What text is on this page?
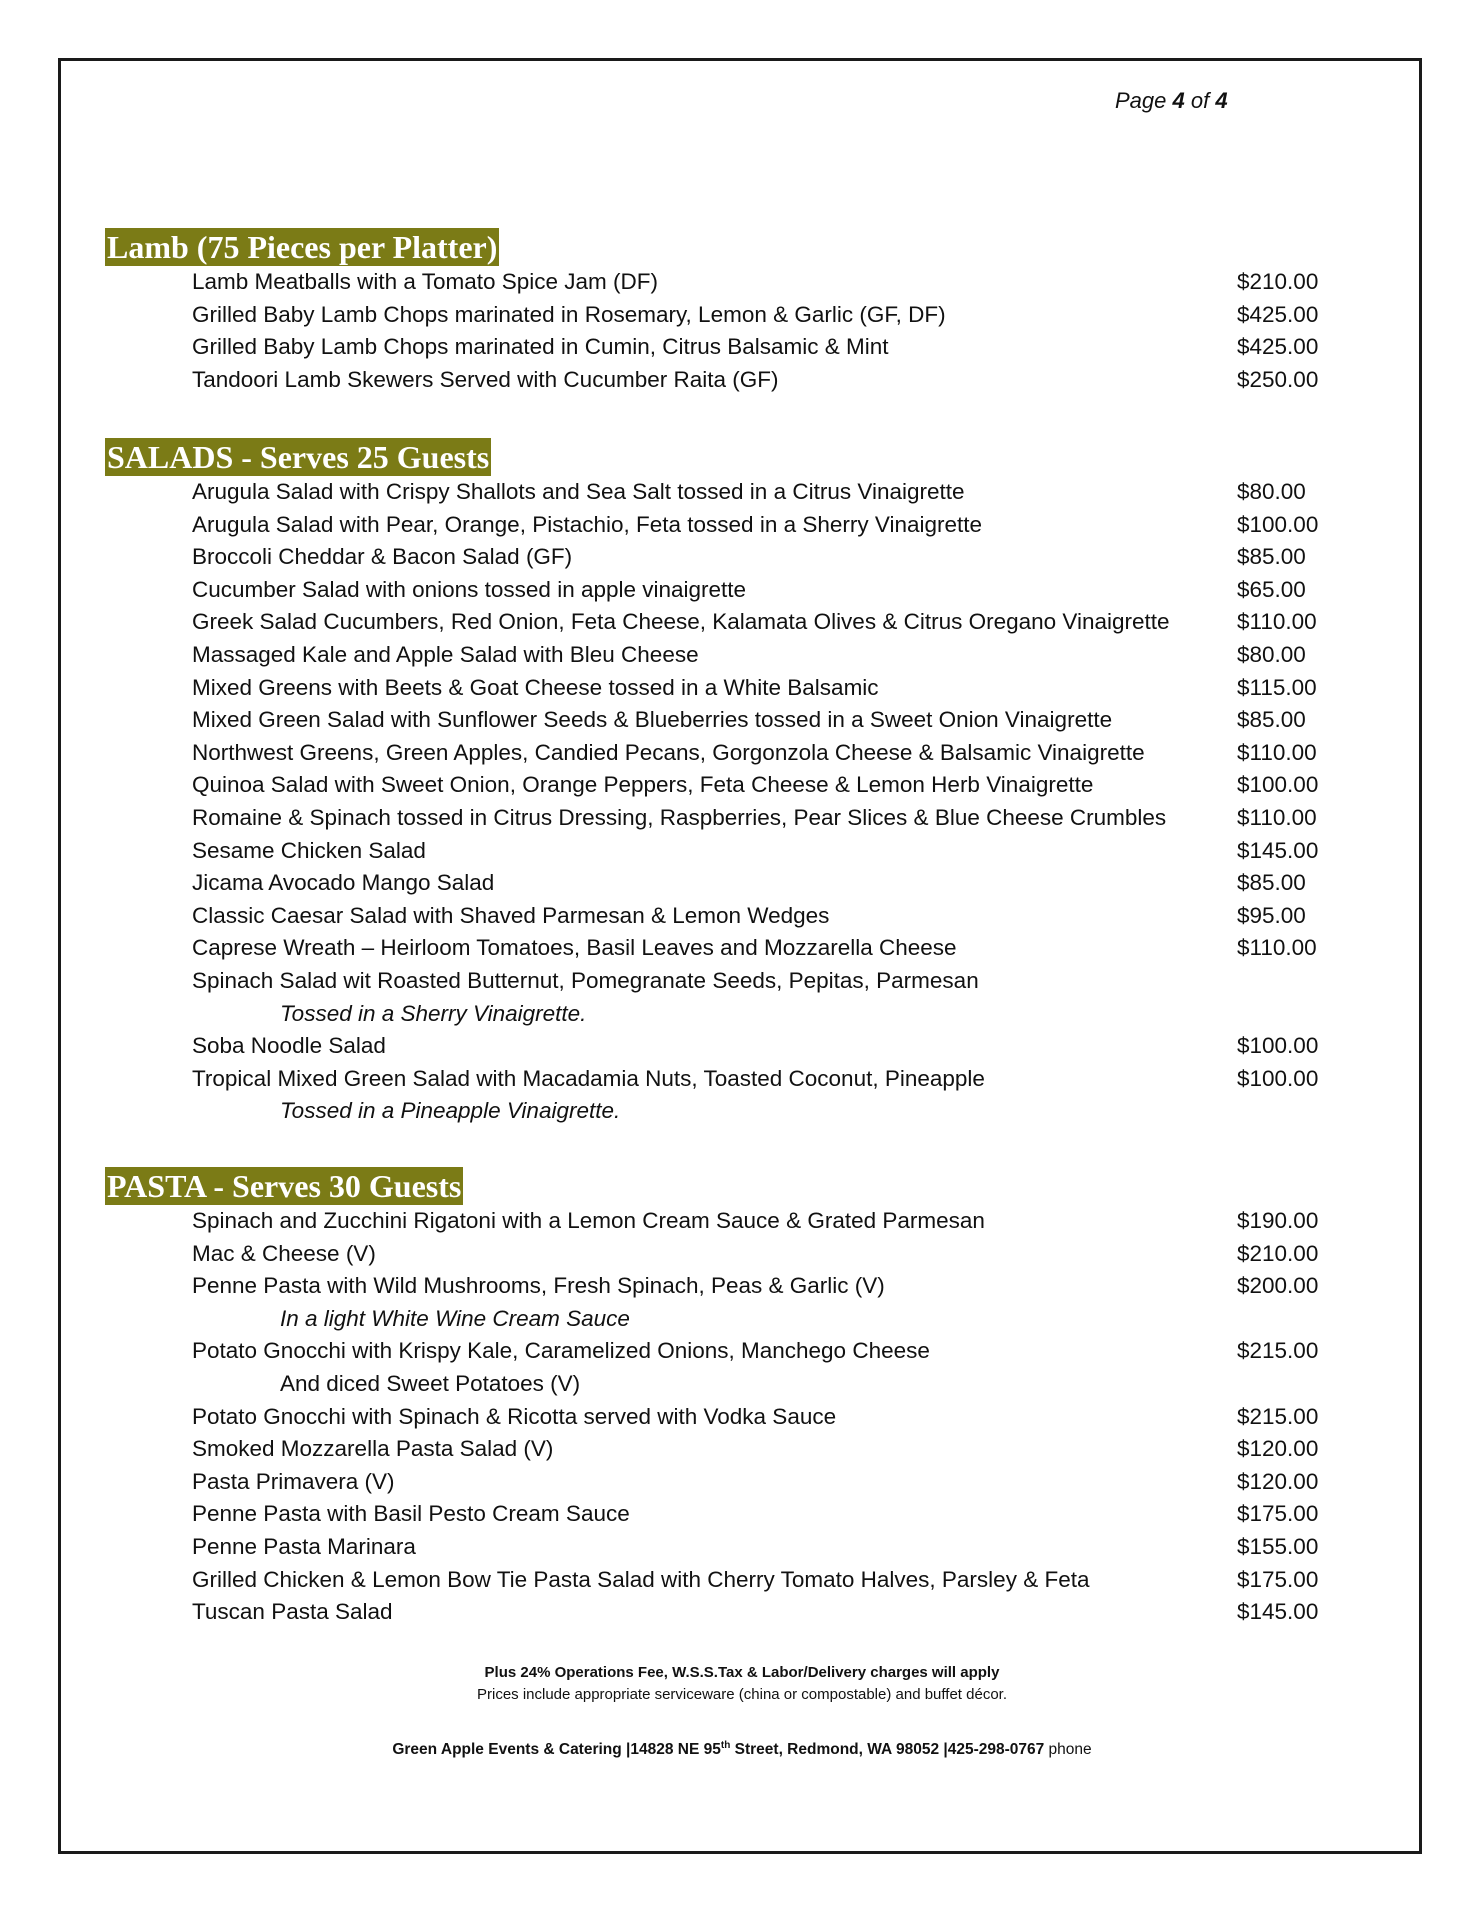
Page 4 of 4
Lamb (75 Pieces per Platter)
Lamb Meatballs with a Tomato Spice Jam (DF)	$210.00
Grilled Baby Lamb Chops marinated in Rosemary, Lemon & Garlic (GF, DF)	$425.00
Grilled Baby Lamb Chops marinated in Cumin, Citrus Balsamic & Mint	$425.00
Tandoori Lamb Skewers Served with Cucumber Raita (GF)	$250.00
SALADS - Serves 25 Guests
Arugula Salad with Crispy Shallots and Sea Salt tossed in a Citrus Vinaigrette	$80.00
Arugula Salad with Pear, Orange, Pistachio, Feta tossed in a Sherry Vinaigrette	$100.00
Broccoli Cheddar & Bacon Salad (GF)	$85.00
Cucumber Salad with onions tossed in apple vinaigrette	$65.00
Greek Salad Cucumbers, Red Onion, Feta Cheese, Kalamata Olives & Citrus Oregano Vinaigrette	$110.00
Massaged Kale and Apple Salad with Bleu Cheese	$80.00
Mixed Greens with Beets & Goat Cheese tossed in a White Balsamic	$115.00
Mixed Green Salad with Sunflower Seeds & Blueberries tossed in a Sweet Onion Vinaigrette	$85.00
Northwest Greens, Green Apples, Candied Pecans, Gorgonzola Cheese & Balsamic Vinaigrette	$110.00
Quinoa Salad with Sweet Onion, Orange Peppers, Feta Cheese & Lemon Herb Vinaigrette	$100.00
Romaine & Spinach tossed in Citrus Dressing, Raspberries, Pear Slices & Blue Cheese Crumbles	$110.00
Sesame Chicken Salad	$145.00
Jicama Avocado Mango Salad	$85.00
Classic Caesar Salad with Shaved Parmesan & Lemon Wedges	$95.00
Caprese Wreath – Heirloom Tomatoes, Basil Leaves and Mozzarella Cheese	$110.00
Spinach Salad wit Roasted Butternut, Pomegranate Seeds, Pepitas, Parmesan
Tossed in a Sherry Vinaigrette.
Soba Noodle Salad	$100.00
Tropical Mixed Green Salad with Macadamia Nuts, Toasted Coconut, Pineapple	$100.00
Tossed in a Pineapple Vinaigrette.
PASTA - Serves 30 Guests
Spinach and Zucchini Rigatoni with a Lemon Cream Sauce & Grated Parmesan	$190.00
Mac & Cheese (V)	$210.00
Penne Pasta with Wild Mushrooms, Fresh Spinach, Peas & Garlic (V)	$200.00
In a light White Wine Cream Sauce
Potato Gnocchi with Krispy Kale, Caramelized Onions, Manchego Cheese	$215.00
And diced Sweet Potatoes (V)
Potato Gnocchi with Spinach & Ricotta served with Vodka Sauce	$215.00
Smoked Mozzarella Pasta Salad (V)	$120.00
Pasta Primavera (V)	$120.00
Penne Pasta with Basil Pesto Cream Sauce	$175.00
Penne Pasta Marinara	$155.00
Grilled Chicken & Lemon Bow Tie Pasta Salad with Cherry Tomato Halves, Parsley & Feta	$175.00
Tuscan Pasta Salad	$145.00
Plus 24% Operations Fee, W.S.S.Tax & Labor/Delivery charges will apply
Prices include appropriate serviceware (china or compostable) and buffet décor.
Green Apple Events & Catering |14828 NE 95th Street, Redmond, WA 98052 |425-298-0767 phone
